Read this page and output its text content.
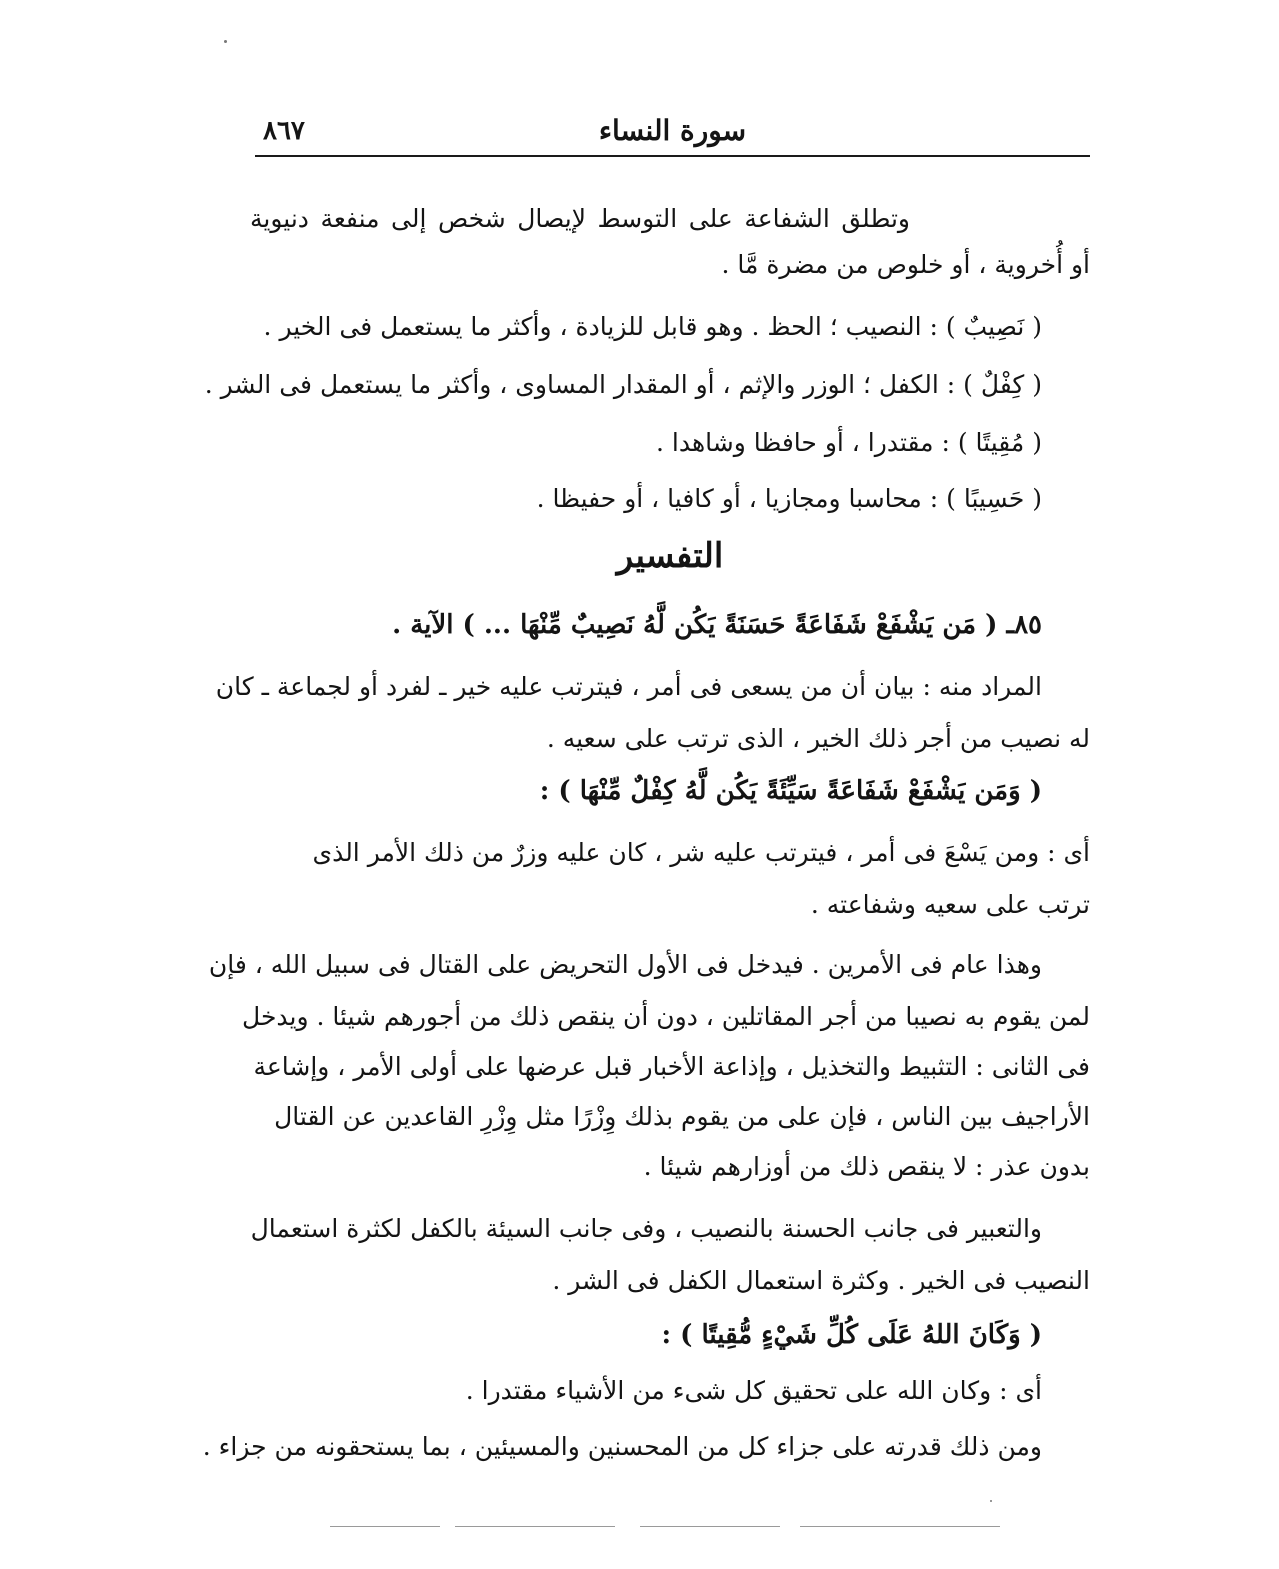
٨٦٧	سورة النساء
وتطلق الشفاعة على التوسط لإيصال شخص إلى منفعة دنيوية
أو أُخروية ، أو خلوص من مضرة مَّا .
( نَصِيبٌ ) : النصيب ؛ الحظ . وهو قابل للزيادة ، وأكثر ما يستعمل فى الخير .
( كِفْلٌ ) : الكفل ؛ الوزر والإثم ، أو المقدار المساوى ، وأكثر ما يستعمل فى الشر .
( مُقِيتًا ) : مقتدرا ، أو حافظا وشاهدا .
( حَسِيبًا ) : محاسبا ومجازيا ، أو كافيا ، أو حفيظا .
التفسير
٨٥ـ ( مَن يَشْفَعْ شَفَاعَةً حَسَنَةً يَكُن لَّهُ نَصِيبٌ مِّنْهَا ... ) الآية .
المراد منه : بيان أن من يسعى فى أمر ، فيترتب عليه خير ـ لفرد أو لجماعة ـ كان
له نصيب من أجر ذلك الخير ، الذى ترتب على سعيه .
( وَمَن يَشْفَعْ شَفَاعَةً سَيِّئَةً يَكُن لَّهُ كِفْلٌ مِّنْهَا ) :
أى : ومن يَسْعَ فى أمر ، فيترتب عليه شر ، كان عليه وزرٌ من ذلك الأمر الذى
ترتب على سعيه وشفاعته .
وهذا عام فى الأمرين . فيدخل فى الأول التحريض على القتال فى سبيل الله ، فإن
لمن يقوم به نصيبا من أجر المقاتلين ، دون أن ينقص ذلك من أجورهم شيئا . ويدخل
فى الثانى : التثبيط والتخذيل ، وإذاعة الأخبار قبل عرضها على أولى الأمر ، وإشاعة
الأراجيف بين الناس ، فإن على من يقوم بذلك وِزْرًا مثل وِزْرِ القاعدين عن القتال
بدون عذر : لا ينقص ذلك من أوزارهم شيئا .
والتعبير فى جانب الحسنة بالنصيب ، وفى جانب السيئة بالكفل لكثرة استعمال
النصيب فى الخير . وكثرة استعمال الكفل فى الشر .
( وَكَانَ اللهُ عَلَى كُلِّ شَيْءٍ مُّقِيتًا ) :
أى : وكان الله على تحقيق كل شىء من الأشياء مقتدرا .
ومن ذلك قدرته على جزاء كل من المحسنين والمسيئين ، بما يستحقونه من جزاء .
